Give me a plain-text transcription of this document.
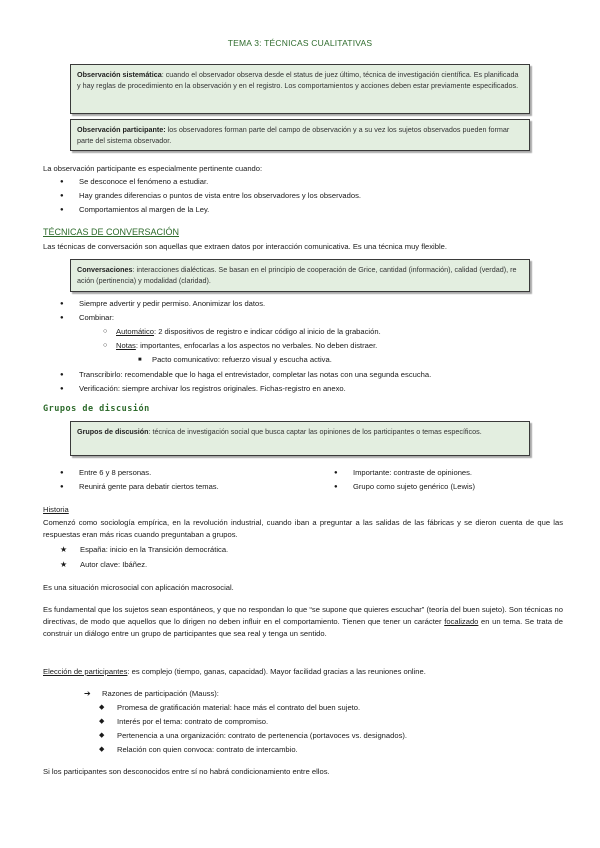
TEMA 3: TÉCNICAS CUALITATIVAS
Observación sistemática: cuando el observador observa desde el status de juez último, técnica de investigación científica. Es planificada y hay reglas de procedimiento en la observación y en el registro. Los comportamientos y acciones deben estar previamente especificados.
Observación participante: los observadores forman parte del campo de observación y a su vez los sujetos observados pueden formar parte del sistema observador.
La observación participante es especialmente pertinente cuando:
● Se desconoce el fenómeno a estudiar.
● Hay grandes diferencias o puntos de vista entre los observadores y los observados.
● Comportamientos al margen de la Ley.
TÉCNICAS DE CONVERSACIÓN
Las técnicas de conversación son aquellas que extraen datos por interacción comunicativa. Es una técnica muy flexible.
Conversaciones: interacciones dialécticas. Se basan en el principio de cooperación de Grice, cantidad (información), calidad (verdad), re ación (pertinencia) y modalidad (claridad).
● Siempre advertir y pedir permiso. Anonimizar los datos.
● Combinar:
○ Automático: 2 dispositivos de registro e indicar código al inicio de la grabación.
○ Notas: importantes, enfocarlas a los aspectos no verbales. No deben distraer.
■ Pacto comunicativo: refuerzo visual y escucha activa.
● Transcribirlo: recomendable que lo haga el entrevistador, completar las notas con una segunda escucha.
● Verificación: siempre archivar los registros originales. Fichas-registro en anexo.
Grupos de discusión
Grupos de discusión: técnica de investigación social que busca captar las opiniones de los participantes o temas específicos.
● Entre 6 y 8 personas.
● Reunirá gente para debatir ciertos temas.
● Importante: contraste de opiniones.
● Grupo como sujeto genérico (Lewis)
Historia
Comenzó como sociología empírica, en la revolución industrial, cuando iban a preguntar a las salidas de las fábricas y se dieron cuenta de que las respuestas eran más ricas cuando preguntaban a grupos.
★ España: inicio en la Transición democrática.
★ Autor clave: Ibáñez.
Es una situación microsocial con aplicación macrosocial.
Es fundamental que los sujetos sean espontáneos, y que no respondan lo que “se supone que quieres escuchar” (teoría del buen sujeto). Son técnicas no directivas, de modo que aquellos que lo dirigen no deben influir en el comportamiento. Tienen que tener un carácter focalizado en un tema. Se trata de construir un diálogo entre un grupo de participantes que sea real y tenga un sentido.
Elección de participantes: es complejo (tiempo, ganas, capacidad). Mayor facilidad gracias a las reuniones online.
➔ Razones de participación (Mauss):
◆ Promesa de gratificación material: hace más el contrato del buen sujeto.
◆ Interés por el tema: contrato de compromiso.
◆ Pertenencia a una organización: contrato de pertenencia (portavoces vs. designados).
◆ Relación con quien convoca: contrato de intercambio.
Si los participantes son desconocidos entre sí no habrá condicionamiento entre ellos.
